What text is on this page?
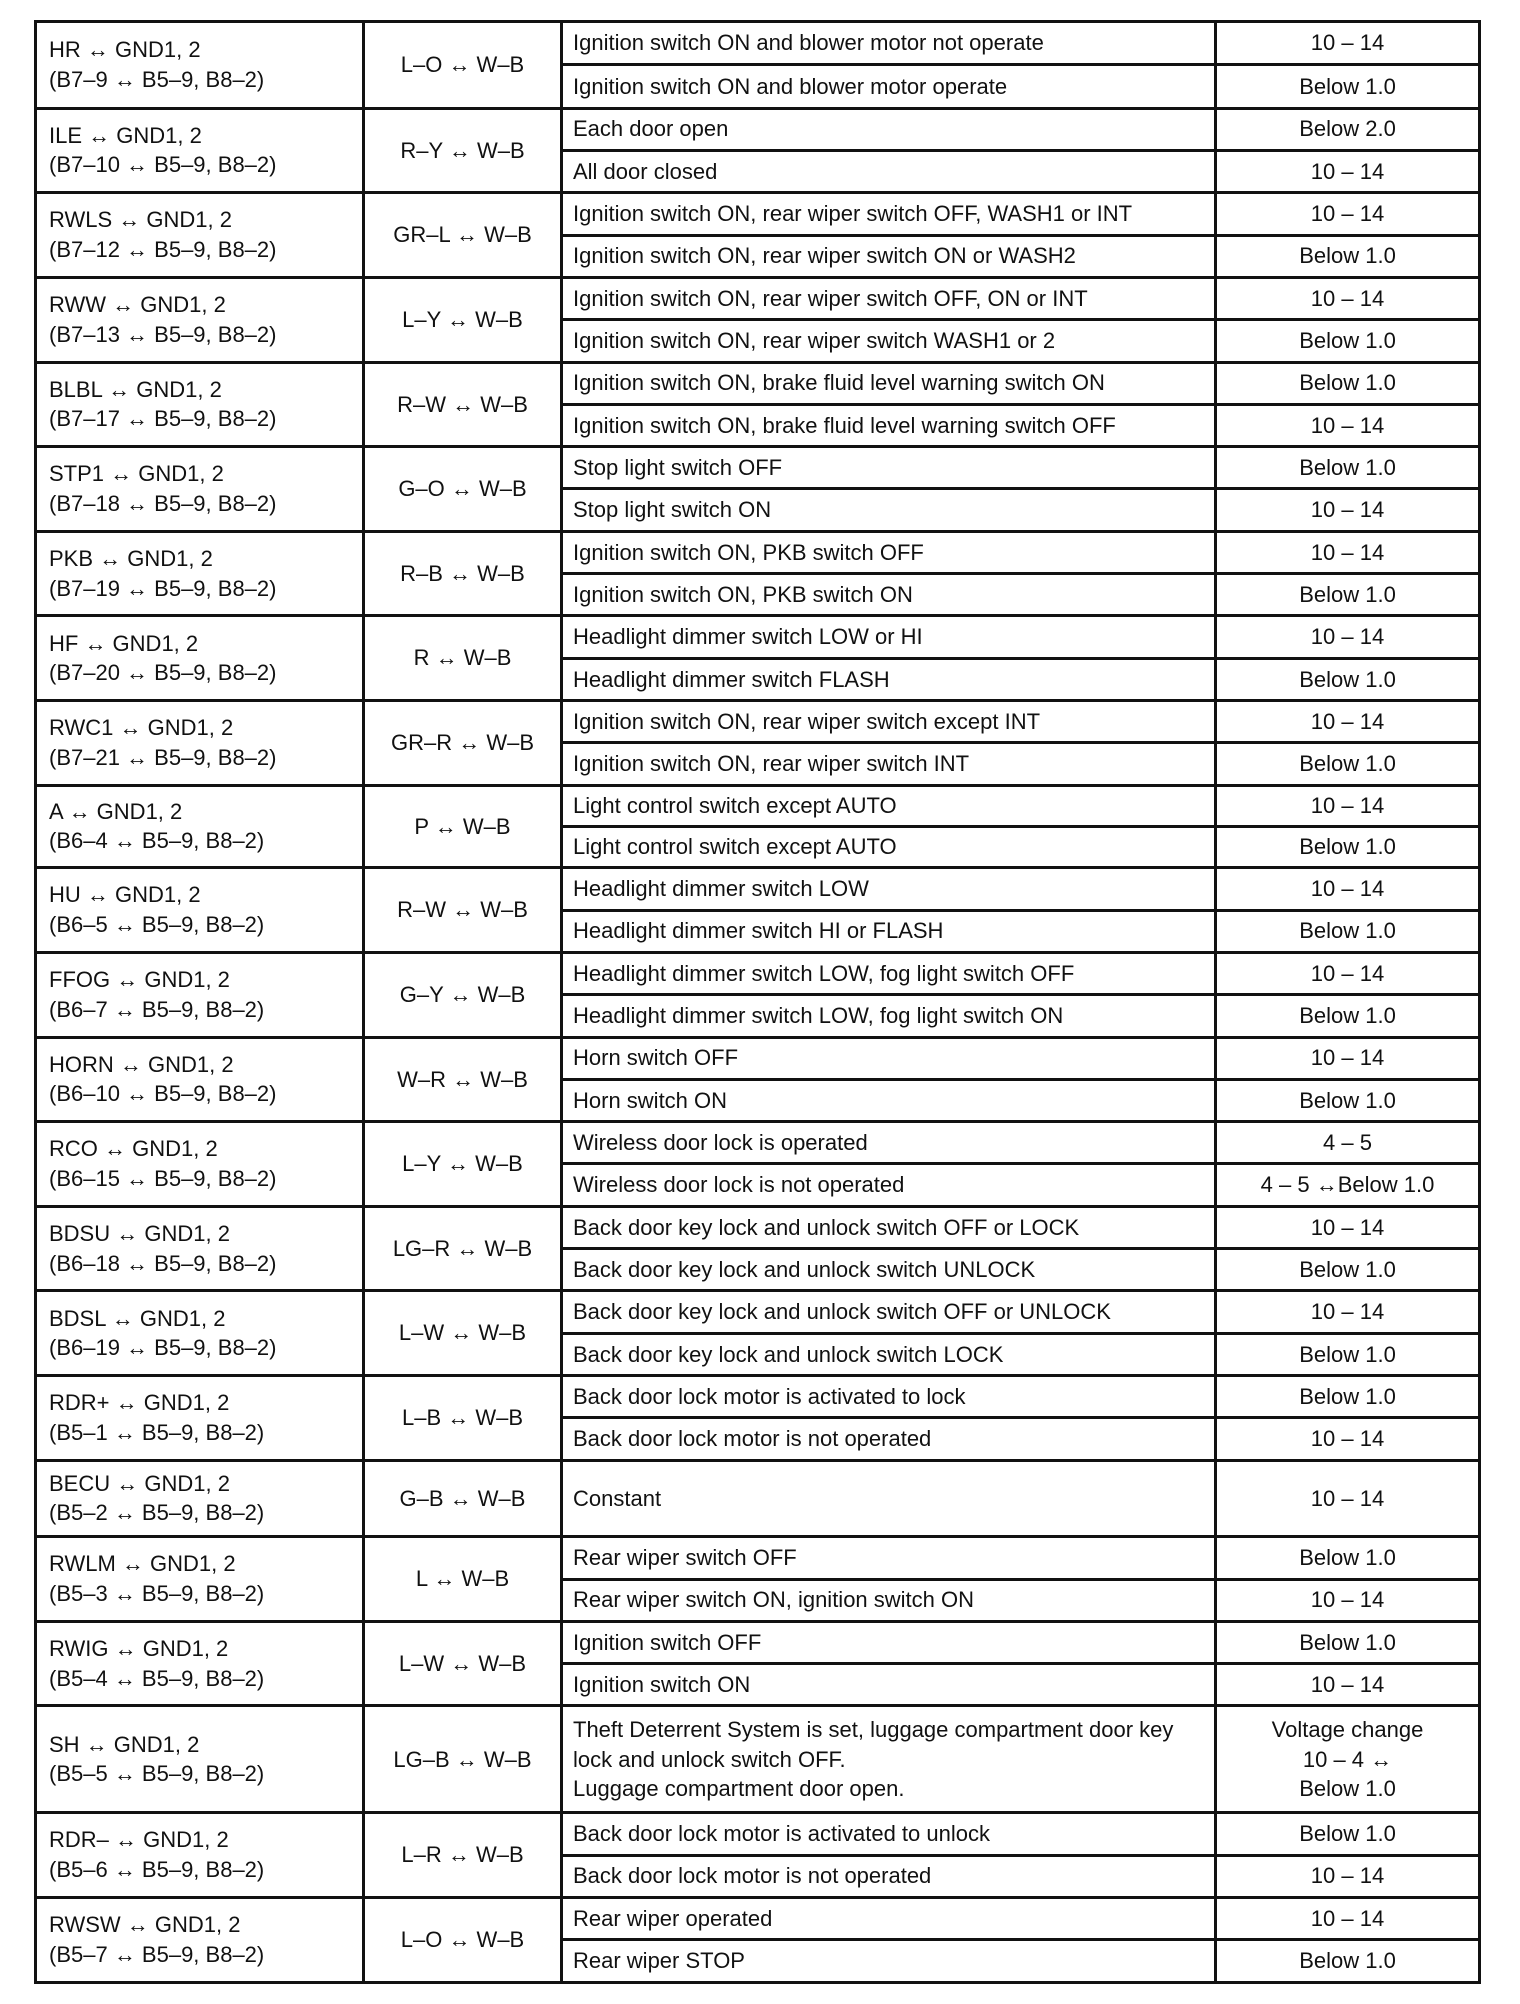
HR ↔ GND1, 2
(B7–9 ↔ B5–9, B8–2)	L–O ↔ W–B	Ignition switch ON and blower motor not operate	10 – 14
		Ignition switch ON and blower motor operate	Below 1.0

ILE ↔ GND1, 2
(B7–10 ↔ B5–9, B8–2)	R–Y ↔ W–B	Each door open	Below 2.0
		All door closed	10 – 14

RWLS ↔ GND1, 2
(B7–12 ↔ B5–9, B8–2)	GR–L ↔ W–B	Ignition switch ON, rear wiper switch OFF, WASH1 or INT	10 – 14
		Ignition switch ON, rear wiper switch ON or WASH2	Below 1.0

RWW ↔ GND1, 2
(B7–13 ↔ B5–9, B8–2)	L–Y ↔ W–B	Ignition switch ON, rear wiper switch OFF, ON or INT	10 – 14
		Ignition switch ON, rear wiper switch WASH1 or 2	Below 1.0

BLBL ↔ GND1, 2
(B7–17 ↔ B5–9, B8–2)	R–W ↔ W–B	Ignition switch ON, brake fluid level warning switch ON	Below 1.0
		Ignition switch ON, brake fluid level warning switch OFF	10 – 14

STP1 ↔ GND1, 2
(B7–18 ↔ B5–9, B8–2)	G–O ↔ W–B	Stop light switch OFF	Below 1.0
		Stop light switch ON	10 – 14

PKB ↔ GND1, 2
(B7–19 ↔ B5–9, B8–2)	R–B ↔ W–B	Ignition switch ON, PKB switch OFF	10 – 14
		Ignition switch ON, PKB switch ON	Below 1.0

HF ↔ GND1, 2
(B7–20 ↔ B5–9, B8–2)	R ↔ W–B	Headlight dimmer switch LOW or HI	10 – 14
		Headlight dimmer switch FLASH	Below 1.0

RWC1 ↔ GND1, 2
(B7–21 ↔ B5–9, B8–2)	GR–R ↔ W–B	Ignition switch ON, rear wiper switch except INT	10 – 14
		Ignition switch ON, rear wiper switch INT	Below 1.0

A ↔ GND1, 2
(B6–4 ↔ B5–9, B8–2)	P ↔ W–B	Light control switch except AUTO	10 – 14
		Light control switch except AUTO	Below 1.0

HU ↔ GND1, 2
(B6–5 ↔ B5–9, B8–2)	R–W ↔ W–B	Headlight dimmer switch LOW	10 – 14
		Headlight dimmer switch HI or FLASH	Below 1.0

FFOG ↔ GND1, 2
(B6–7 ↔ B5–9, B8–2)	G–Y ↔ W–B	Headlight dimmer switch LOW, fog light switch OFF	10 – 14
		Headlight dimmer switch LOW, fog light switch ON	Below 1.0

HORN ↔ GND1, 2
(B6–10 ↔ B5–9, B8–2)	W–R ↔ W–B	Horn switch OFF	10 – 14
		Horn switch ON	Below 1.0

RCO ↔ GND1, 2
(B6–15 ↔ B5–9, B8–2)	L–Y ↔ W–B	Wireless door lock is operated	4 – 5
		Wireless door lock is not operated	4 – 5 ↔Below 1.0

BDSU ↔ GND1, 2
(B6–18 ↔ B5–9, B8–2)	LG–R ↔ W–B	Back door key lock and unlock switch OFF or LOCK	10 – 14
		Back door key lock and unlock switch UNLOCK	Below 1.0

BDSL ↔ GND1, 2
(B6–19 ↔ B5–9, B8–2)	L–W ↔ W–B	Back door key lock and unlock switch OFF or UNLOCK	10 – 14
		Back door key lock and unlock switch LOCK	Below 1.0

RDR+ ↔ GND1, 2
(B5–1 ↔ B5–9, B8–2)	L–B ↔ W–B	Back door lock motor is activated to lock	Below 1.0
		Back door lock motor is not operated	10 – 14

BECU ↔ GND1, 2
(B5–2 ↔ B5–9, B8–2)	G–B ↔ W–B	Constant	10 – 14

RWLM ↔ GND1, 2
(B5–3 ↔ B5–9, B8–2)	L ↔ W–B	Rear wiper switch OFF	Below 1.0
		Rear wiper switch ON, ignition switch ON	10 – 14

RWIG ↔ GND1, 2
(B5–4 ↔ B5–9, B8–2)	L–W ↔ W–B	Ignition switch OFF	Below 1.0
		Ignition switch ON	10 – 14

SH ↔ GND1, 2
(B5–5 ↔ B5–9, B8–2)	LG–B ↔ W–B	Theft Deterrent System is set, luggage compartment door key
lock and unlock switch OFF.
Luggage compartment door open.	Voltage change
10 – 4 ↔
Below 1.0

RDR– ↔ GND1, 2
(B5–6 ↔ B5–9, B8–2)	L–R ↔ W–B	Back door lock motor is activated to unlock	Below 1.0
		Back door lock motor is not operated	10 – 14

RWSW ↔ GND1, 2
(B5–7 ↔ B5–9, B8–2)	L–O ↔ W–B	Rear wiper operated	10 – 14
		Rear wiper STOP	Below 1.0
